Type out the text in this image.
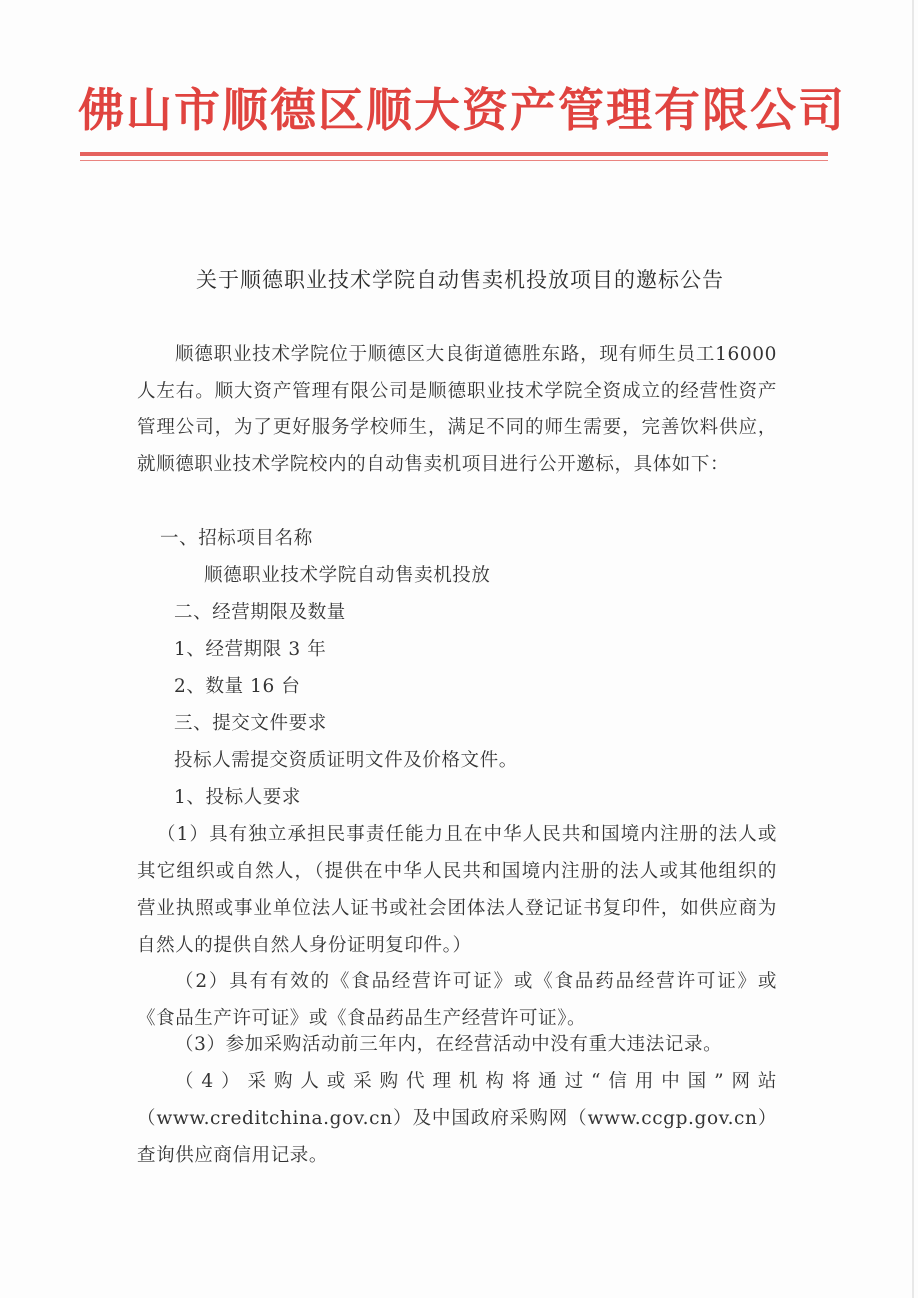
佛山市顺德区顺大资产管理有限公司
关于顺德职业技术学院自动售卖机投放项目的邀标公告
顺德职业技术学院位于顺德区大良街道德胜东路，现有师生员工16000人左右。顺大资产管理有限公司是顺德职业技术学院全资成立的经营性资产管理公司，为了更好服务学校师生，满足不同的师生需要，完善饮料供应，就顺德职业技术学院校内的自动售卖机项目进行公开邀标，具体如下：
一、招标项目名称
顺德职业技术学院自动售卖机投放
二、经营期限及数量
1、经营期限 3 年
2、数量 16 台
三、提交文件要求
投标人需提交资质证明文件及价格文件。
1、投标人要求
（1）具有独立承担民事责任能力且在中华人民共和国境内注册的法人或其它组织或自然人，（提供在中华人民共和国境内注册的法人或其他组织的营业执照或事业单位法人证书或社会团体法人登记证书复印件，如供应商为自然人的提供自然人身份证明复印件。）
（2）具有有效的《食品经营许可证》或《食品药品经营许可证》或《食品生产许可证》或《食品药品生产经营许可证》。
（3）参加采购活动前三年内，在经营活动中没有重大违法记录。
（4）采购人或采购代理机构将通过“信用中国”网站（www.creditchina.gov.cn）及中国政府采购网（www.ccgp.gov.cn）查询供应商信用记录。
